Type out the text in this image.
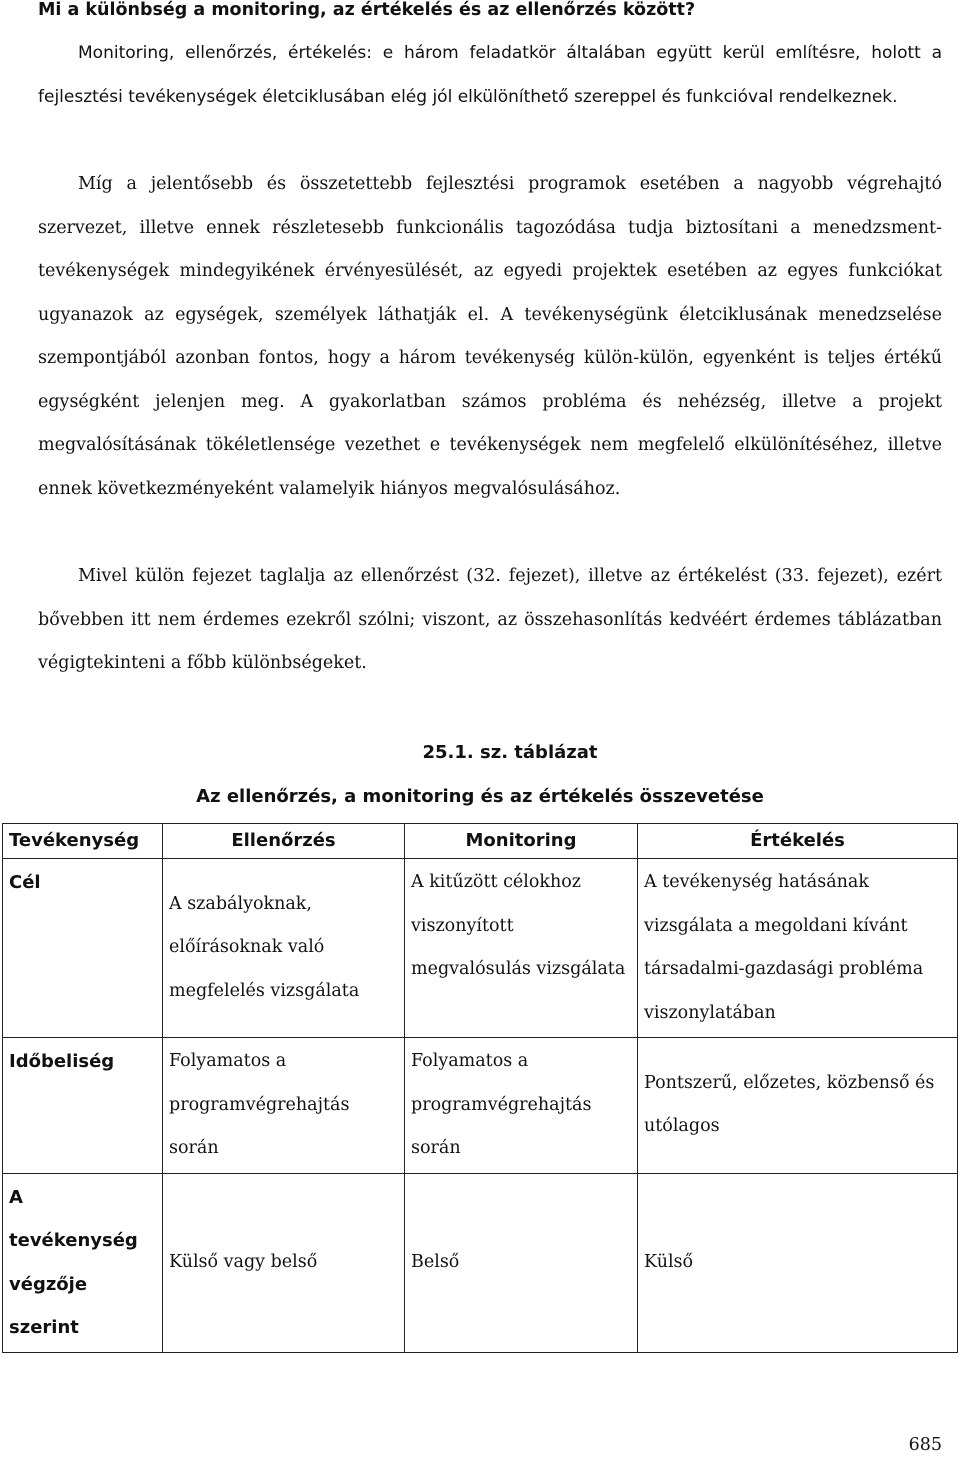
Mi a különbség a monitoring, az értékelés és az ellenőrzés között?

Monitoring, ellenőrzés, értékelés: e három feladatkör általában együtt kerül említésre, holott a fejlesztési tevékenységek életciklusában elég jól elkülöníthető szereppel és funkcióval rendelkeznek.

Míg a jelentősebb és összetettebb fejlesztési programok esetében a nagyobb végrehajtó szervezet, illetve ennek részletesebb funkcionális tagozódása tudja biztosítani a menedzsment-tevékenységek mindegyikének érvényesülését, az egyedi projektek esetében az egyes funkciókat ugyanazok az egységek, személyek láthatják el. A tevékenységünk életciklusának menedzselése szempontjából azonban fontos, hogy a három tevékenység külön-külön, egyenként is teljes értékű egységként jelenjen meg. A gyakorlatban számos probléma és nehézség, illetve a projekt megvalósításának tökéletlensége vezethet e tevékenységek nem megfelelő elkülönítéséhez, illetve ennek következményeként valamelyik hiányos megvalósulásához.

Mivel külön fejezet taglalja az ellenőrzést (32. fejezet), illetve az értékelést (33. fejezet), ezért bővebben itt nem érdemes ezekről szólni; viszont, az összehasonlítás kedvéért érdemes táblázatban végigtekinteni a főbb különbségeket.

25.1. sz. táblázat

Az ellenőrzés, a monitoring és az értékelés összevetése

Tevékenység	Ellenőrzés	Monitoring	Értékelés
Cél	A szabályoknak, előírásoknak való megfelelés vizsgálata	A kitűzött célokhoz viszonyított megvalósulás vizsgálata	A tevékenység hatásának vizsgálata a megoldani kívánt társadalmi-gazdasági probléma viszonylatában
Időbeliség	Folyamatos a programvégrehajtás során	Folyamatos a programvégrehajtás során	Pontszerű, előzetes, közbenső és utólagos
A tevékenység végzője szerint	Külső vagy belső	Belső	Külső

685
